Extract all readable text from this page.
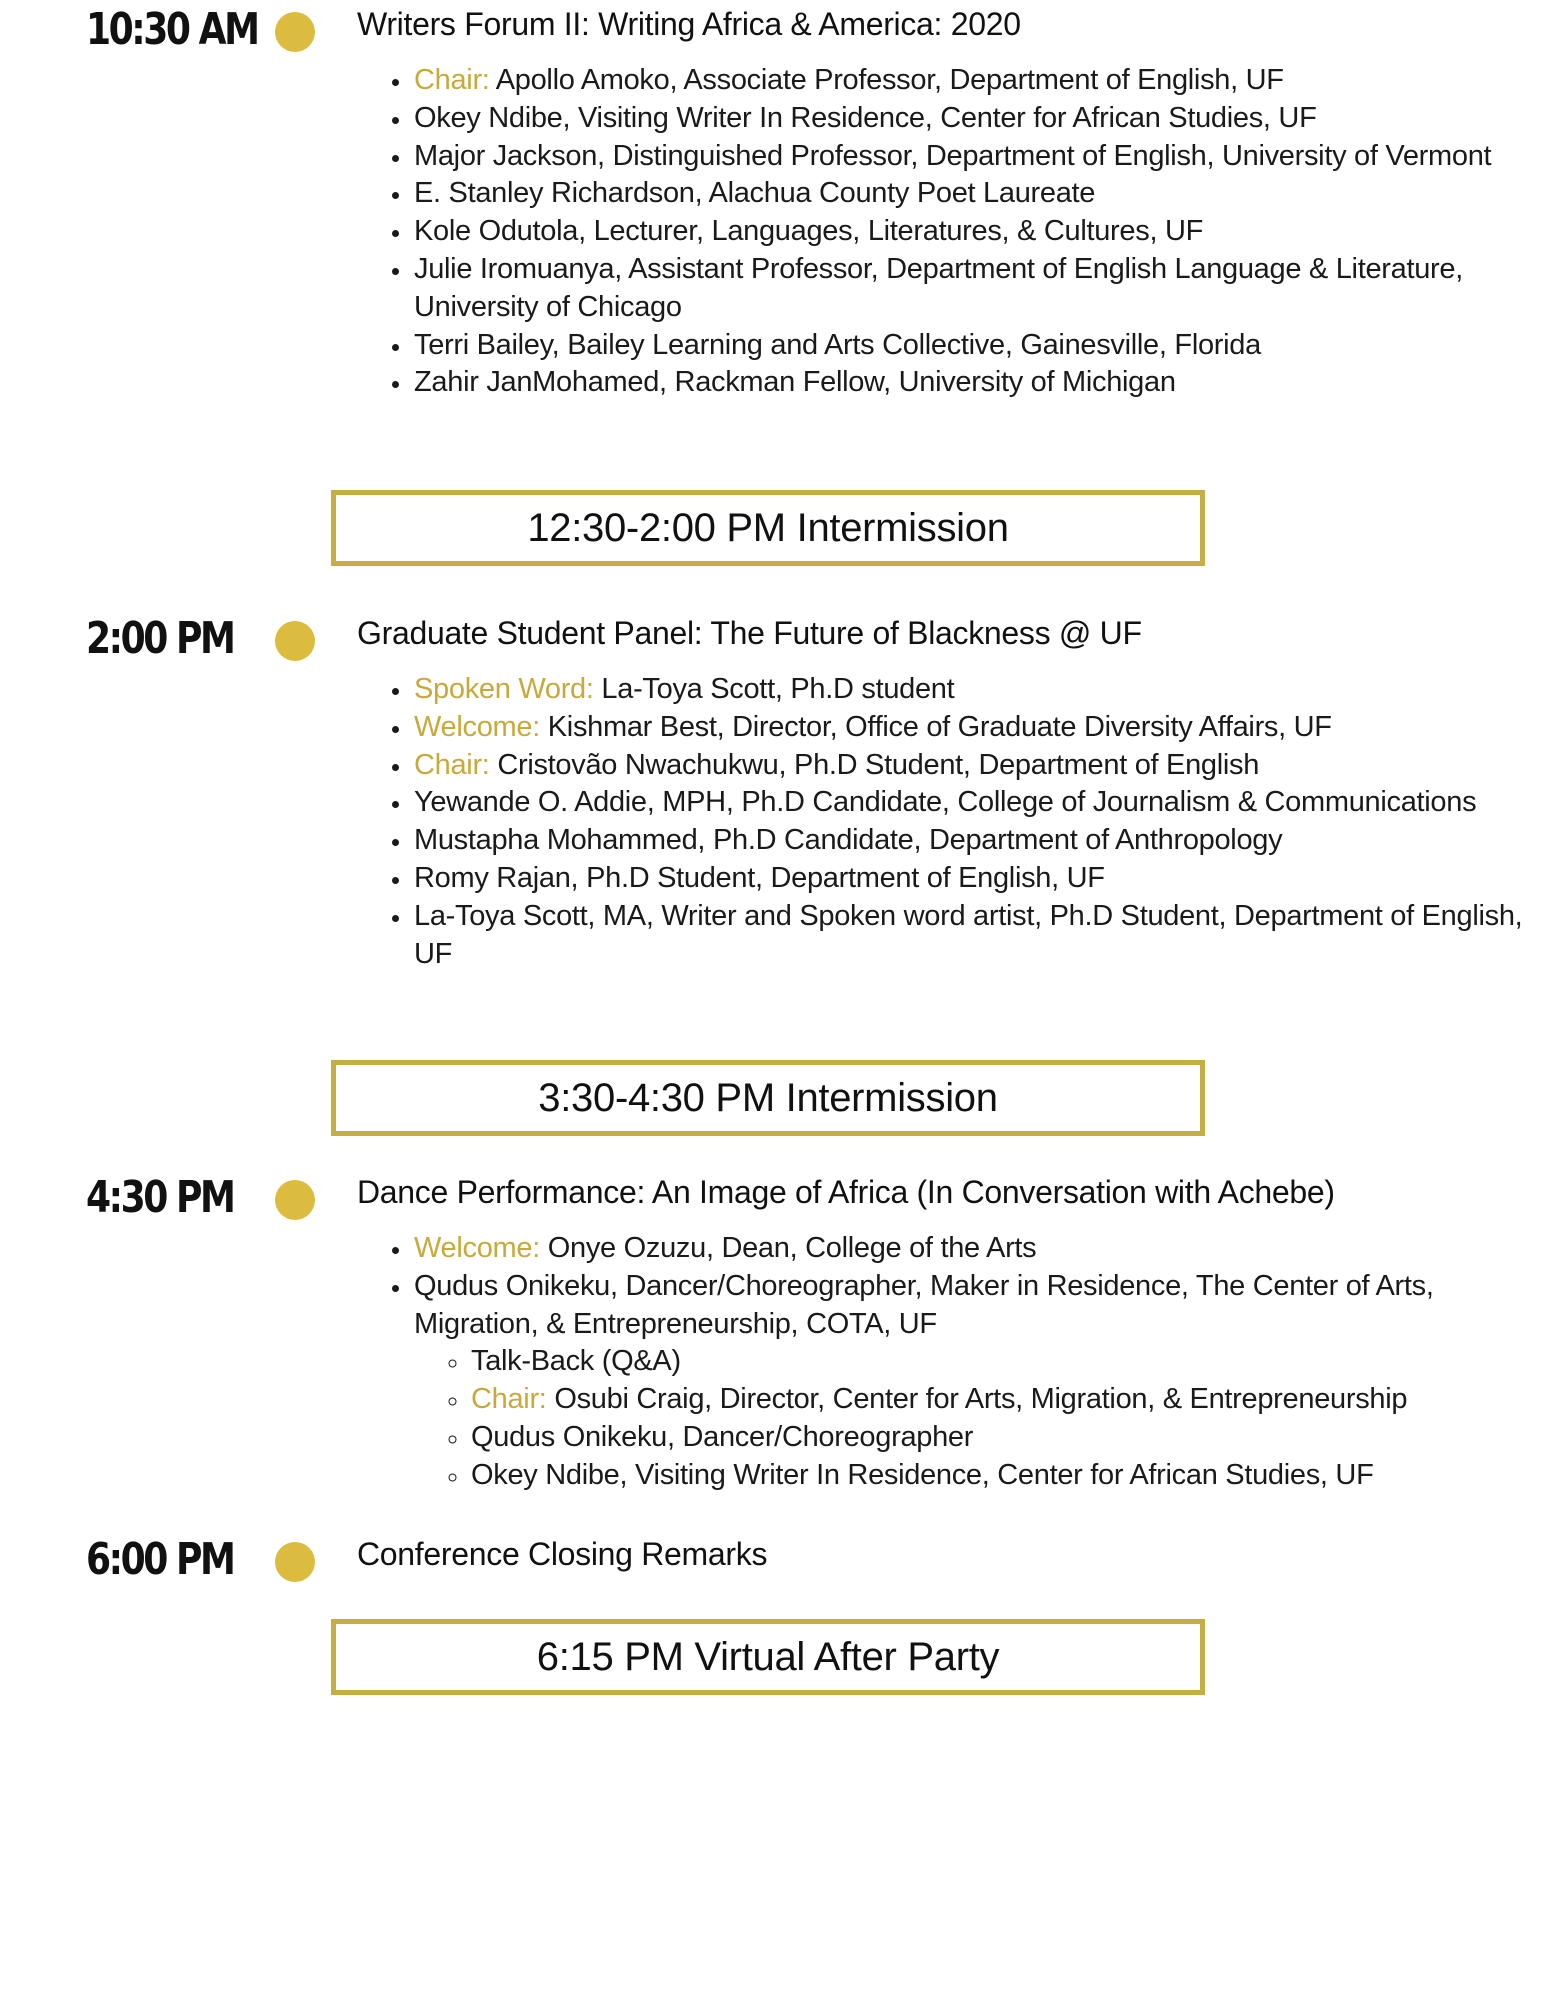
10:30 AM	Writers Forum II: Writing Africa & America: 2020
• Chair: Apollo Amoko, Associate Professor, Department of English, UF
• Okey Ndibe, Visiting Writer In Residence, Center for African Studies, UF
• Major Jackson, Distinguished Professor, Department of English, University of Vermont
• E. Stanley Richardson, Alachua County Poet Laureate
• Kole Odutola, Lecturer, Languages, Literatures, & Cultures, UF
• Julie Iromuanya, Assistant Professor, Department of English Language & Literature, University of Chicago
• Terri Bailey, Bailey Learning and Arts Collective, Gainesville, Florida
• Zahir JanMohamed, Rackman Fellow, University of Michigan
12:30-2:00 PM Intermission
2:00 PM	Graduate Student Panel: The Future of Blackness @ UF
• Spoken Word: La-Toya Scott, Ph.D student
• Welcome: Kishmar Best, Director, Office of Graduate Diversity Affairs, UF
• Chair: Cristovão Nwachukwu, Ph.D Student, Department of English
• Yewande O. Addie, MPH, Ph.D Candidate, College of Journalism & Communications
• Mustapha Mohammed, Ph.D Candidate, Department of Anthropology
• Romy Rajan, Ph.D Student, Department of English, UF
• La-Toya Scott, MA, Writer and Spoken word artist, Ph.D Student, Department of English, UF
3:30-4:30 PM Intermission
4:30 PM	Dance Performance: An Image of Africa (In Conversation with Achebe)
• Welcome: Onye Ozuzu, Dean, College of the Arts
• Qudus Onikeku, Dancer/Choreographer, Maker in Residence, The Center of Arts, Migration, & Entrepreneurship, COTA, UF
◦ Talk-Back (Q&A)
◦ Chair: Osubi Craig, Director, Center for Arts, Migration, & Entrepreneurship
◦ Qudus Onikeku, Dancer/Choreographer
◦ Okey Ndibe, Visiting Writer In Residence, Center for African Studies, UF
6:00 PM	Conference Closing Remarks
6:15 PM Virtual After Party
